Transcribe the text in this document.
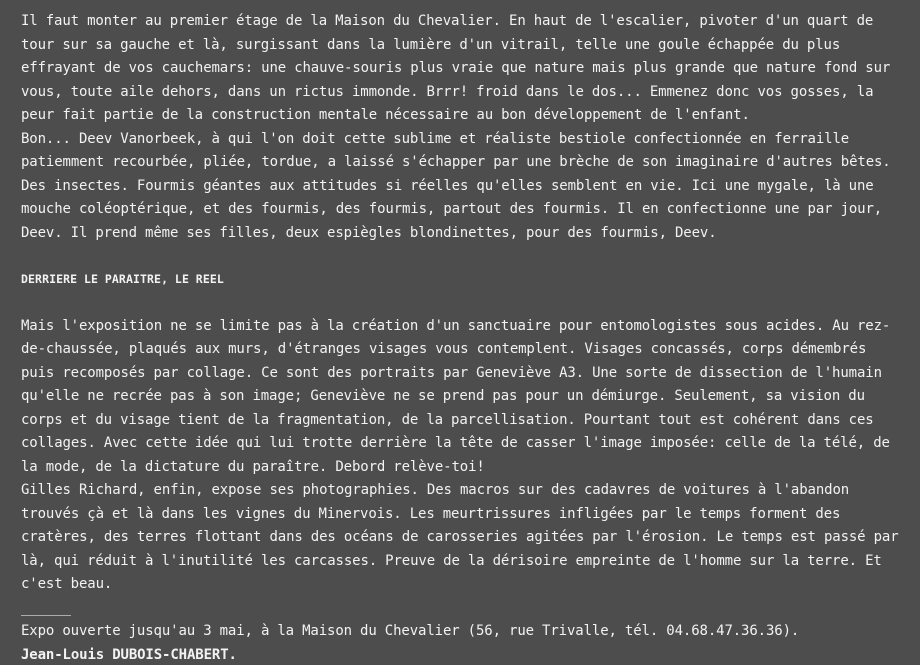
Il faut monter au premier étage de la Maison du Chevalier. En haut de l'escalier, pivoter d'un quart de tour sur sa gauche et là, surgissant dans la lumière d'un vitrail, telle une goule échappée du plus effrayant de vos cauchemars: une chauve-souris plus vraie que nature mais plus grande que nature fond sur vous, toute aile dehors, dans un rictus immonde. Brrr! froid dans le dos... Emmenez donc vos gosses, la peur fait partie de la construction mentale nécessaire au bon développement de l'enfant.

Bon... Deev Vanorbeek, à qui l'on doit cette sublime et réaliste bestiole confectionnée en ferraille patiemment recourbée, pliée, tordue, a laissé s'échapper par une brèche de son imaginaire d'autres bêtes.

Des insectes. Fourmis géantes aux attitudes si réelles qu'elles semblent en vie. Ici une mygale, là une mouche coléoptérique, et des fourmis, des fourmis, partout des fourmis. Il en confectionne une par jour, Deev. Il prend même ses filles, deux espiègles blondinettes, pour des fourmis, Deev.

DERRIERE LE PARAITRE, LE REEL

Mais l'exposition ne se limite pas à la création d'un sanctuaire pour entomologistes sous acides. Au rez-de-chaussée, plaqués aux murs, d'étranges visages vous contemplent. Visages concassés, corps démembrés puis recomposés par collage. Ce sont des portraits par Geneviève A3. Une sorte de dissection de l'humain qu'elle ne recrée pas à son image; Geneviève ne se prend pas pour un démiurge. Seulement, sa vision du corps et du visage tient de la fragmentation, de la parcellisation. Pourtant tout est cohérent dans ces collages. Avec cette idée qui lui trotte derrière la tête de casser l'image imposée: celle de la télé, de la mode, de la dictature du paraître. Debord relève-toi!

Gilles Richard, enfin, expose ses photographies. Des macros sur des cadavres de voitures à l'abandon trouvés çà et là dans les vignes du Minervois. Les meurtrissures infligées par le temps forment des cratères, des terres flottant dans des océans de carosseries agitées par l'érosion. Le temps est passé par là, qui réduit à l'inutilité les carcasses. Preuve de la dérisoire empreinte de l'homme sur la terre. Et c'est beau.

______

Expo ouverte jusqu'au 3 mai, à la Maison du Chevalier (56, rue Trivalle, tél. 04.68.47.36.36).

Jean-Louis DUBOIS-CHABERT.
